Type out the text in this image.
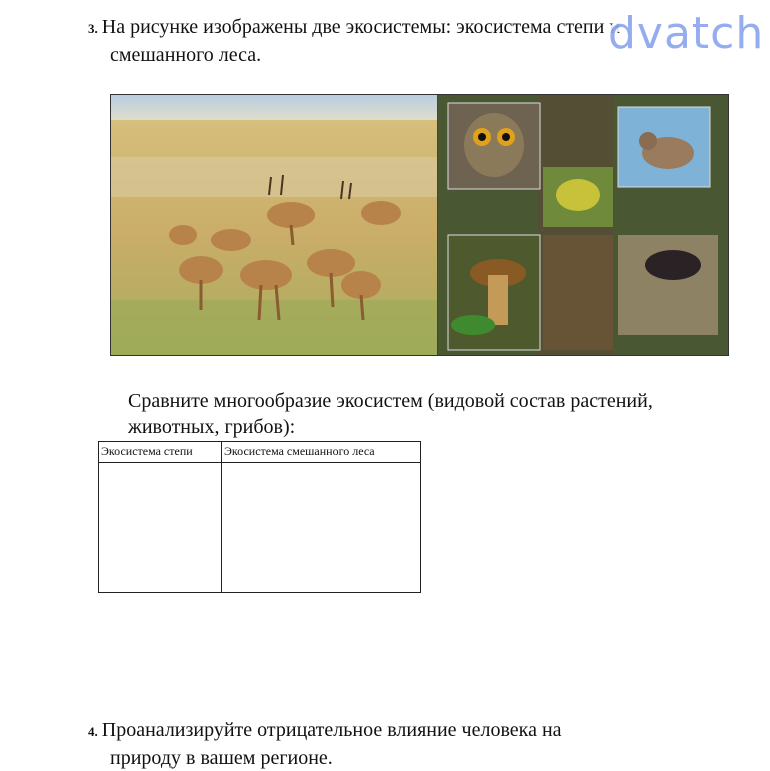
3. На рисунке изображены две экосистемы: экосистема степи и
смешанного леса.	dvatch
Сравните многообразие экосистем (видовой состав растений, животных, грибов):
Экосистема степи	Экосистема смешанного леса
4. Проанализируйте отрицательное влияние человека на
природу в вашем регионе.
